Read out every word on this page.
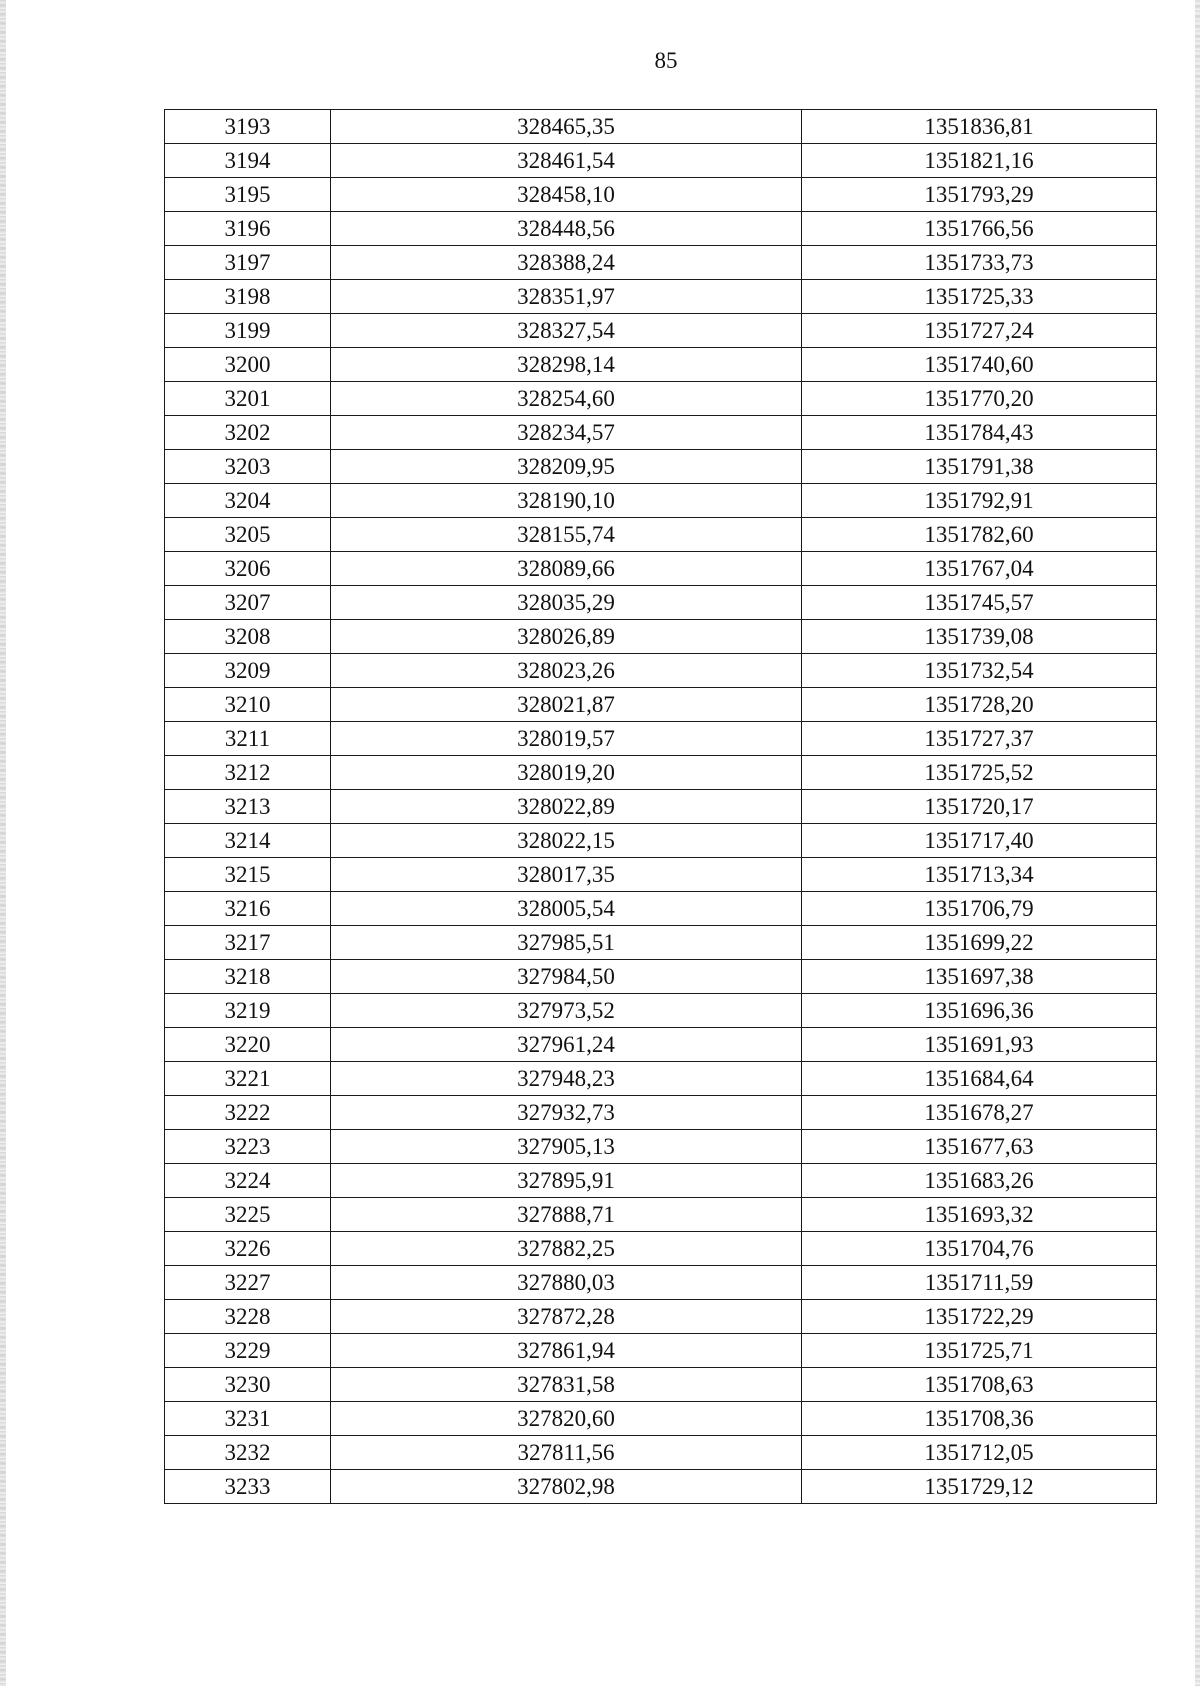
85
3193	328465,35	1351836,81
3194	328461,54	1351821,16
3195	328458,10	1351793,29
3196	328448,56	1351766,56
3197	328388,24	1351733,73
3198	328351,97	1351725,33
3199	328327,54	1351727,24
3200	328298,14	1351740,60
3201	328254,60	1351770,20
3202	328234,57	1351784,43
3203	328209,95	1351791,38
3204	328190,10	1351792,91
3205	328155,74	1351782,60
3206	328089,66	1351767,04
3207	328035,29	1351745,57
3208	328026,89	1351739,08
3209	328023,26	1351732,54
3210	328021,87	1351728,20
3211	328019,57	1351727,37
3212	328019,20	1351725,52
3213	328022,89	1351720,17
3214	328022,15	1351717,40
3215	328017,35	1351713,34
3216	328005,54	1351706,79
3217	327985,51	1351699,22
3218	327984,50	1351697,38
3219	327973,52	1351696,36
3220	327961,24	1351691,93
3221	327948,23	1351684,64
3222	327932,73	1351678,27
3223	327905,13	1351677,63
3224	327895,91	1351683,26
3225	327888,71	1351693,32
3226	327882,25	1351704,76
3227	327880,03	1351711,59
3228	327872,28	1351722,29
3229	327861,94	1351725,71
3230	327831,58	1351708,63
3231	327820,60	1351708,36
3232	327811,56	1351712,05
3233	327802,98	1351729,12
